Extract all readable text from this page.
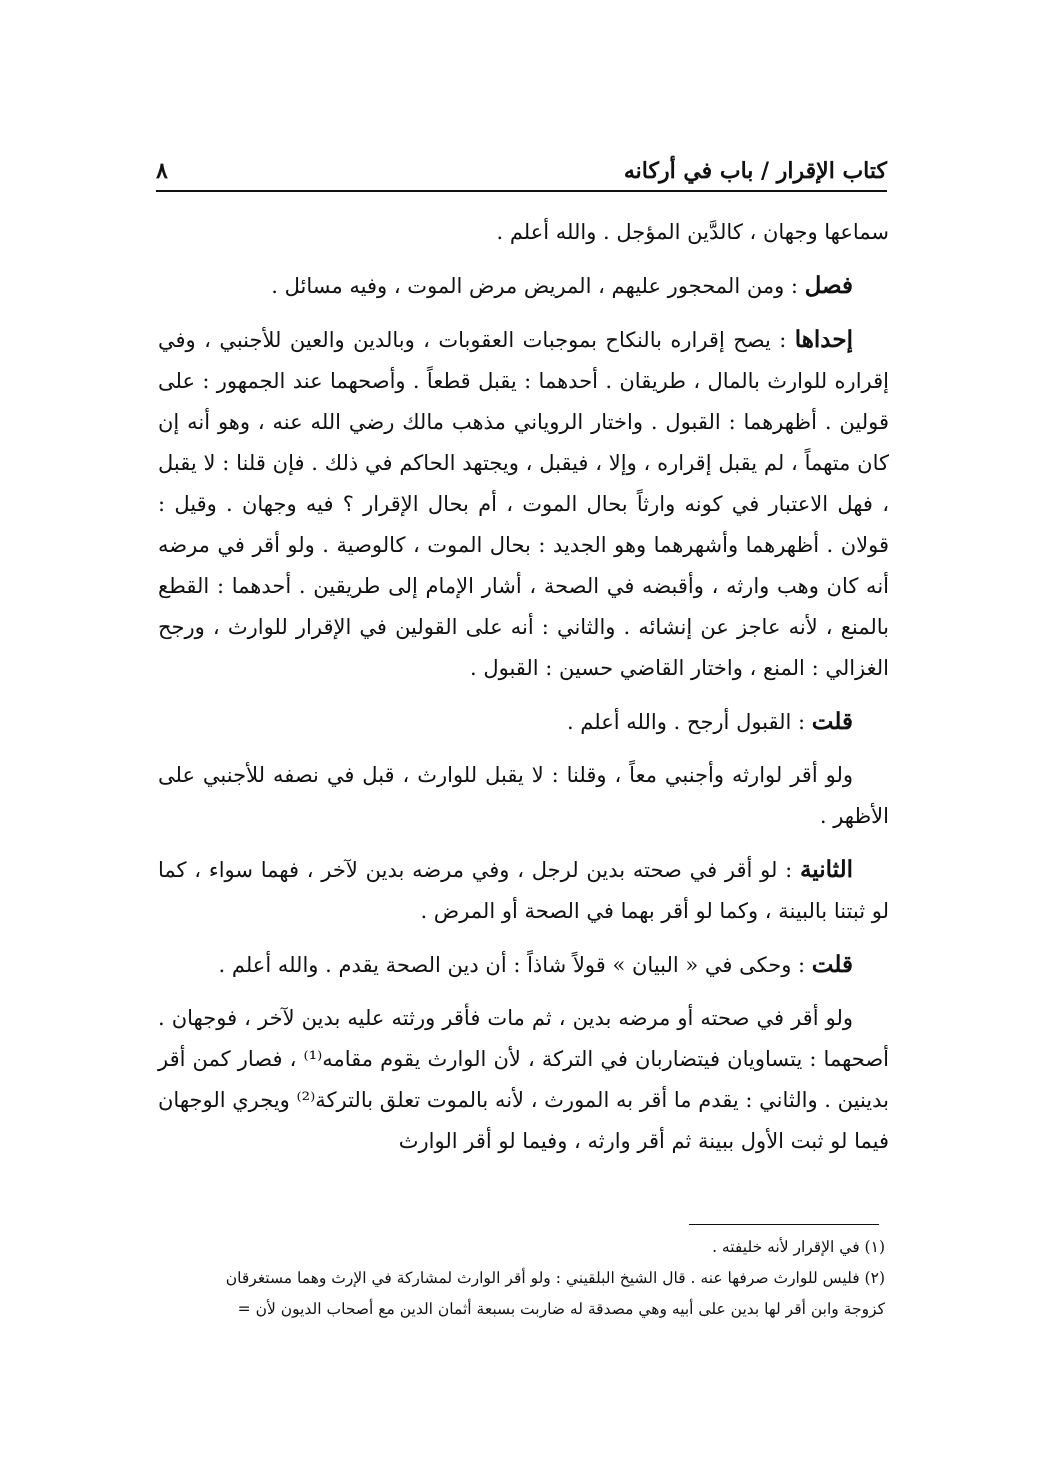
كتاب الإقرار / باب في أركانه
٨

سماعها وجهان ، كالدَّين المؤجل . والله أعلم .

فصل : ومن المحجور عليهم ، المريض مرض الموت ، وفيه مسائل .

إحداها : يصح إقراره بالنكاح بموجبات العقوبات ، وبالدين والعين للأجنبي ، وفي إقراره للوارث بالمال ، طريقان . أحدهما : يقبل قطعاً . وأصحهما عند الجمهور : على قولين . أظهرهما : القبول . واختار الروياني مذهب مالك رضي الله عنه ، وهو أنه إن كان متهماً ، لم يقبل إقراره ، وإلا ، فيقبل ، ويجتهد الحاكم في ذلك . فإن قلنا : لا يقبل ، فهل الاعتبار في كونه وارثاً بحال الموت ، أم بحال الإقرار ؟ فيه وجهان . وقيل : قولان . أظهرهما وأشهرهما وهو الجديد : بحال الموت ، كالوصية . ولو أقر في مرضه أنه كان وهب وارثه ، وأقبضه في الصحة ، أشار الإمام إلى طريقين . أحدهما : القطع بالمنع ، لأنه عاجز عن إنشائه . والثاني : أنه على القولين في الإقرار للوارث ، ورجح الغزالي : المنع ، واختار القاضي حسين : القبول .

قلت : القبول أرجح . والله أعلم .

ولو أقر لوارثه وأجنبي معاً ، وقلنا : لا يقبل للوارث ، قبل في نصفه للأجنبي على الأظهر .

الثانية : لو أقر في صحته بدين لرجل ، وفي مرضه بدين لآخر ، فهما سواء ، كما لو ثبتنا بالبينة ، وكما لو أقر بهما في الصحة أو المرض .

قلت : وحكى في « البيان » قولاً شاذاً : أن دين الصحة يقدم . والله أعلم .

ولو أقر في صحته أو مرضه بدين ، ثم مات فأقر ورثته عليه بدين لآخر ، فوجهان . أصحهما : يتساويان فيتضاربان في التركة ، لأن الوارث يقوم مقامه⁽¹⁾ ، فصار كمن أقر بدينين . والثاني : يقدم ما أقر به المورث ، لأنه بالموت تعلق بالتركة⁽²⁾ ويجري الوجهان فيما لو ثبت الأول ببينة ثم أقر وارثه ، وفيما لو أقر الوارث

(١) في الإقرار لأنه خليفته .

(٢) فليس للوارث صرفها عنه . قال الشيخ البلقيني : ولو أقر الوارث لمشاركة في الإرث وهما مستغرقان

كزوجة وابن أقر لها بدين على أبيه وهي مصدقة له ضاربت بسبعة أثمان الدين مع أصحاب الديون لأن =
